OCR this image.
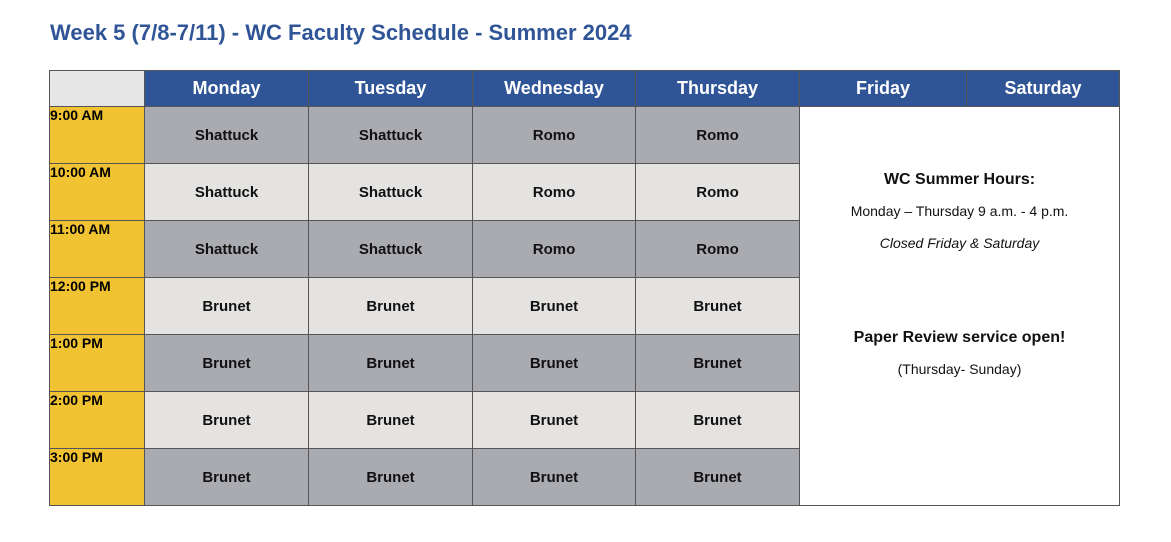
Week 5 (7/8-7/11) - WC Faculty Schedule - Summer 2024
	Monday	Tuesday	Wednesday	Thursday	Friday	Saturday
9:00 AM	Shattuck	Shattuck	Romo	Romo	WC Summer Hours:
Monday – Thursday 9 a.m. - 4 p.m.
Closed Friday & Saturday
Paper Review service open!
(Thursday- Sunday)	

10:00 AM	Shattuck	Shattuck	Romo	Romo		
11:00 AM	Shattuck	Shattuck	Romo	Romo		
12:00 PM	Brunet	Brunet	Brunet	Brunet		
1:00 PM	Brunet	Brunet	Brunet	Brunet		
2:00 PM	Brunet	Brunet	Brunet	Brunet		
3:00 PM	Brunet	Brunet	Brunet	Brunet		
